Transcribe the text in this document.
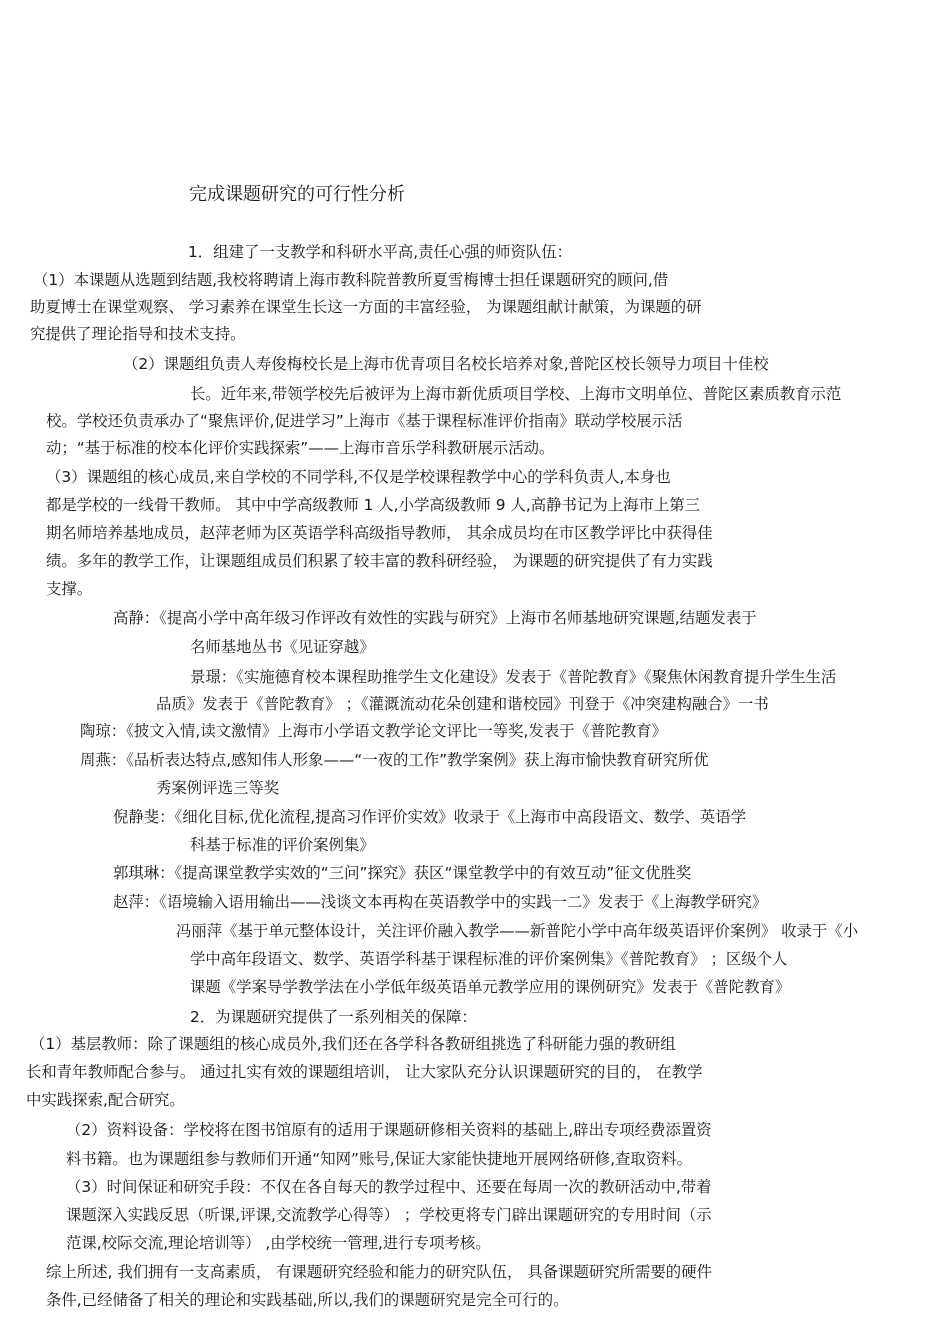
完成课题研究的可行性分析
1．组建了一支教学和科研水平高,责任心强的师资队伍：
（1）本课题从选题到结题,我校将聘请上海市教科院普教所夏雪梅博士担任课题研究的顾问,借
助夏博士在课堂观察、 学习素养在课堂生长这一方面的丰富经验， 为课题组献计献策，为课题的研
究提供了理论指导和技术支持。
（2）课题组负责人寿俊梅校长是上海市优青项目名校长培养对象,普陀区校长领导力项目十佳校
长。近年来,带领学校先后被评为上海市新优质项目学校、上海市文明单位、普陀区素质教育示范
校。学校还负责承办了“聚焦评价,促进学习”上海市《基于课程标准评价指南》联动学校展示活
动；“基于标准的校本化评价实践探索”——上海市音乐学科教研展示活动。
（3）课题组的核心成员,来自学校的不同学科,不仅是学校课程教学中心的学科负责人,本身也
都是学校的一线骨干教师。 其中中学高级教师 1 人,小学高级教师 9 人,高静书记为上海市上第三
期名师培养基地成员，赵萍老师为区英语学科高级指导教师， 其余成员均在市区教学评比中获得佳
绩。多年的教学工作，让课题组成员们积累了较丰富的教科研经验， 为课题的研究提供了有力实践
支撑。
高静：《提高小学中高年级习作评改有效性的实践与研究》上海市名师基地研究课题,结题发表于
名师基地丛书《见证穿越》
景璟：《实施德育校本课程助推学生文化建设》发表于《普陀教育》《聚焦休闲教育提升学生生活
品质》发表于《普陀教育》 ；《灌溉流动花朵创建和谐校园》刊登于《冲突建构融合》一书
陶琼：《披文入情,读文激情》上海市小学语文教学论文评比一等奖,发表于《普陀教育》
周燕：《品析表达特点,感知伟人形象——“一夜的工作”教学案例》获上海市愉快教育研究所优
秀案例评选三等奖
倪静斐：《细化目标,优化流程,提高习作评价实效》收录于《上海市中高段语文、数学、英语学
科基于标准的评价案例集》
郭琪琳：《提高课堂教学实效的“三问”探究》获区“课堂教学中的有效互动”征文优胜奖
赵萍：《语境输入语用输出——浅谈文本再构在英语教学中的实践一二》发表于《上海教学研究》
冯丽萍《基于单元整体设计，关注评价融入教学——新普陀小学中高年级英语评价案例》 收录于《小
学中高年段语文、数学、英语学科基于课程标准的评价案例集》《普陀教育》 ；区级个人
课题《学案导学教学法在小学低年级英语单元教学应用的课例研究》发表于《普陀教育》
2．为课题研究提供了一系列相关的保障：
（1）基层教师：除了课题组的核心成员外,我们还在各学科各教研组挑选了科研能力强的教研组
长和青年教师配合参与。 通过扎实有效的课题组培训， 让大家队充分认识课题研究的目的， 在教学
中实践探索,配合研究。
（2）资料设备：学校将在图书馆原有的适用于课题研修相关资料的基础上,辟出专项经费添置资
料书籍。也为课题组参与教师们开通“知网”账号,保证大家能快捷地开展网络研修,查取资料。
（3）时间保证和研究手段：不仅在各自每天的教学过程中、还要在每周一次的教研活动中,带着
课题深入实践反思（听课,评课,交流教学心得等） ；学校更将专门辟出课题研究的专用时间（示
范课,校际交流,理论培训等） ,由学校统一管理,进行专项考核。
综上所述, 我们拥有一支高素质， 有课题研究经验和能力的研究队伍， 具备课题研究所需要的硬件
条件,已经储备了相关的理论和实践基础,所以,我们的课题研究是完全可行的。
